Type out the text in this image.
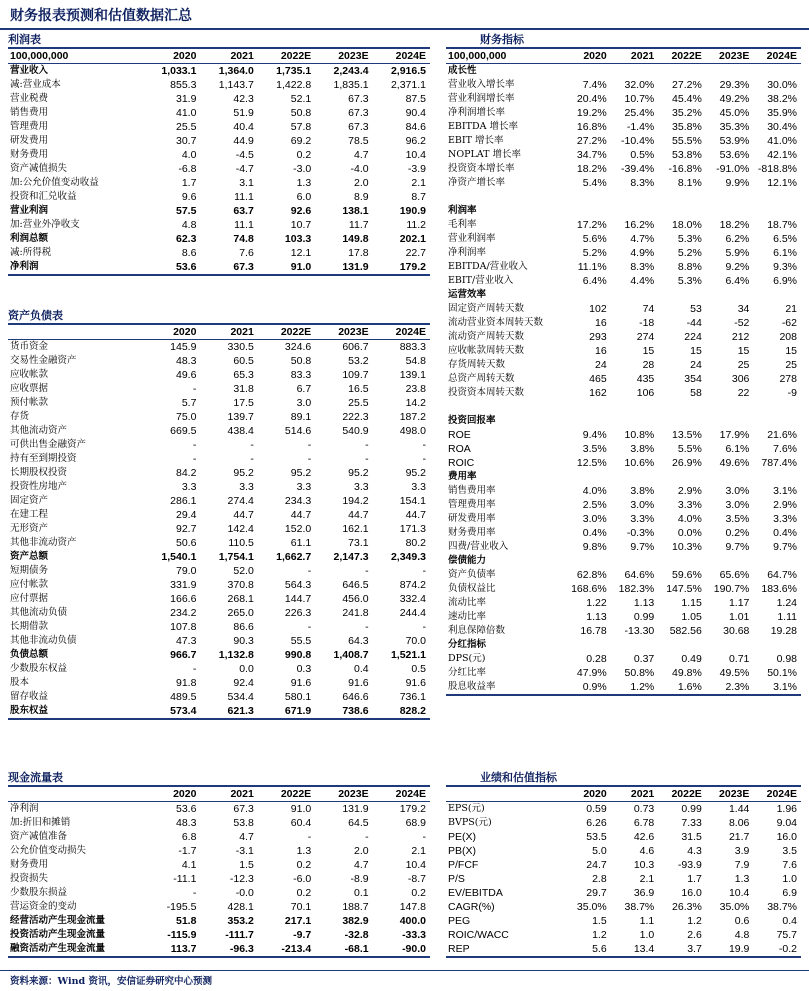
财务报表预测和估值数据汇总
利润表
100,000,000	2020	2021	2022E	2023E	2024E
营业收入	1,033.1	1,364.0	1,735.1	2,243.4	2,916.5
减:营业成本	855.3	1,143.7	1,422.8	1,835.1	2,371.1
营业税费	31.9	42.3	52.1	67.3	87.5
销售费用	41.0	51.9	50.8	67.3	90.4
管理费用	25.5	40.4	57.8	67.3	84.6
研发费用	30.7	44.9	69.2	78.5	96.2
财务费用	4.0	-4.5	0.2	4.7	10.4
资产减值损失	-6.8	-4.7	-3.0	-4.0	-3.9
加:公允价值变动收益	1.7	3.1	1.3	2.0	2.1
投资和汇兑收益	9.6	11.1	6.0	8.9	8.7
营业利润	57.5	63.7	92.6	138.1	190.9
加:营业外净收支	4.8	11.1	10.7	11.7	11.2
利润总额	62.3	74.8	103.3	149.8	202.1
减:所得税	8.6	7.6	12.1	17.8	22.7
净利润	53.6	67.3	91.0	131.9	179.2
资产负债表
	2020	2021	2022E	2023E	2024E
货币资金	145.9	330.5	324.6	606.7	883.3
交易性金融资产	48.3	60.5	50.8	53.2	54.8
应收帐款	49.6	65.3	83.3	109.7	139.1
应收票据	-	31.8	6.7	16.5	23.8
预付帐款	5.7	17.5	3.0	25.5	14.2
存货	75.0	139.7	89.1	222.3	187.2
其他流动资产	669.5	438.4	514.6	540.9	498.0
可供出售金融资产	-	-	-	-	-
持有至到期投资	-	-	-	-	-
长期股权投资	84.2	95.2	95.2	95.2	95.2
投资性房地产	3.3	3.3	3.3	3.3	3.3
固定资产	286.1	274.4	234.3	194.2	154.1
在建工程	29.4	44.7	44.7	44.7	44.7
无形资产	92.7	142.4	152.0	162.1	171.3
其他非流动资产	50.6	110.5	61.1	73.1	80.2
资产总额	1,540.1	1,754.1	1,662.7	2,147.3	2,349.3
短期债务	79.0	52.0	-	-	-
应付帐款	331.9	370.8	564.3	646.5	874.2
应付票据	166.6	268.1	144.7	456.0	332.4
其他流动负债	234.2	265.0	226.3	241.8	244.4
长期借款	107.8	86.6	-	-	-
其他非流动负债	47.3	90.3	55.5	64.3	70.0
负债总额	966.7	1,132.8	990.8	1,408.7	1,521.1
少数股东权益	-	0.0	0.3	0.4	0.5
股本	91.8	92.4	91.6	91.6	91.6
留存收益	489.5	534.4	580.1	646.6	736.1
股东权益	573.4	621.3	671.9	738.6	828.2
现金流量表
	2020	2021	2022E	2023E	2024E
净利润	53.6	67.3	91.0	131.9	179.2
加:折旧和摊销	48.3	53.8	60.4	64.5	68.9
资产减值准备	6.8	4.7	-	-	-
公允价值变动损失	-1.7	-3.1	1.3	2.0	2.1
财务费用	4.1	1.5	0.2	4.7	10.4
投资损失	-11.1	-12.3	-6.0	-8.9	-8.7
少数股东损益	-	-0.0	0.2	0.1	0.2
营运资金的变动	-195.5	428.1	70.1	188.7	147.8
经营活动产生现金流量	51.8	353.2	217.1	382.9	400.0
投资活动产生现金流量	-115.9	-111.7	-9.7	-32.8	-33.3
融资活动产生现金流量	113.7	-96.3	-213.4	-68.1	-90.0
财务指标
100,000,000	2020	2021	2022E	2023E	2024E
成长性					
营业收入增长率	7.4%	32.0%	27.2%	29.3%	30.0%
营业利润增长率	20.4%	10.7%	45.4%	49.2%	38.2%
净利润增长率	19.2%	25.4%	35.2%	45.0%	35.9%
EBITDA 增长率	16.8%	-1.4%	35.8%	35.3%	30.4%
EBIT 增长率	27.2%	-10.4%	55.5%	53.9%	41.0%
NOPLAT 增长率	34.7%	0.5%	53.8%	53.6%	42.1%
投资资本增长率	18.2%	-39.4%	-16.8%	-91.0%	-818.8%
净资产增长率	5.4%	8.3%	8.1%	9.9%	12.1%

利润率					
毛利率	17.2%	16.2%	18.0%	18.2%	18.7%
营业利润率	5.6%	4.7%	5.3%	6.2%	6.5%
净利润率	5.2%	4.9%	5.2%	5.9%	6.1%
EBITDA/营业收入	11.1%	8.3%	8.8%	9.2%	9.3%
EBIT/营业收入	6.4%	4.4%	5.3%	6.4%	6.9%
运营效率					
固定资产周转天数	102	74	53	34	21
流动营业资本周转天数	16	-18	-44	-52	-62
流动资产周转天数	293	274	224	212	208
应收帐款周转天数	16	15	15	15	15
存货周转天数	24	28	24	25	25
总资产周转天数	465	435	354	306	278
投资资本周转天数	162	106	58	22	-9

投资回报率					
ROE	9.4%	10.8%	13.5%	17.9%	21.6%
ROA	3.5%	3.8%	5.5%	6.1%	7.6%
ROIC	12.5%	10.6%	26.9%	49.6%	787.4%
费用率					
销售费用率	4.0%	3.8%	2.9%	3.0%	3.1%
管理费用率	2.5%	3.0%	3.3%	3.0%	2.9%
研发费用率	3.0%	3.3%	4.0%	3.5%	3.3%
财务费用率	0.4%	-0.3%	0.0%	0.2%	0.4%
四费/营业收入	9.8%	9.7%	10.3%	9.7%	9.7%
偿债能力					
资产负债率	62.8%	64.6%	59.6%	65.6%	64.7%
负债权益比	168.6%	182.3%	147.5%	190.7%	183.6%
流动比率	1.22	1.13	1.15	1.17	1.24
速动比率	1.13	0.99	1.05	1.01	1.11
利息保障倍数	16.78	-13.30	582.56	30.68	19.28
分红指标					
DPS(元)	0.28	0.37	0.49	0.71	0.98
分红比率	47.9%	50.8%	49.8%	49.5%	50.1%
股息收益率	0.9%	1.2%	1.6%	2.3%	3.1%
业绩和估值指标
	2020	2021	2022E	2023E	2024E
EPS(元)	0.59	0.73	0.99	1.44	1.96
BVPS(元)	6.26	6.78	7.33	8.06	9.04
PE(X)	53.5	42.6	31.5	21.7	16.0
PB(X)	5.0	4.6	4.3	3.9	3.5
P/FCF	24.7	10.3	-93.9	7.9	7.6
P/S	2.8	2.1	1.7	1.3	1.0
EV/EBITDA	29.7	36.9	16.0	10.4	6.9
CAGR(%)	35.0%	38.7%	26.3%	35.0%	38.7%
PEG	1.5	1.1	1.2	0.6	0.4
ROIC/WACC	1.2	1.0	2.6	4.8	75.7
REP	5.6	13.4	3.7	19.9	-0.2
资料来源：Wind 资讯，安信证券研究中心预测
